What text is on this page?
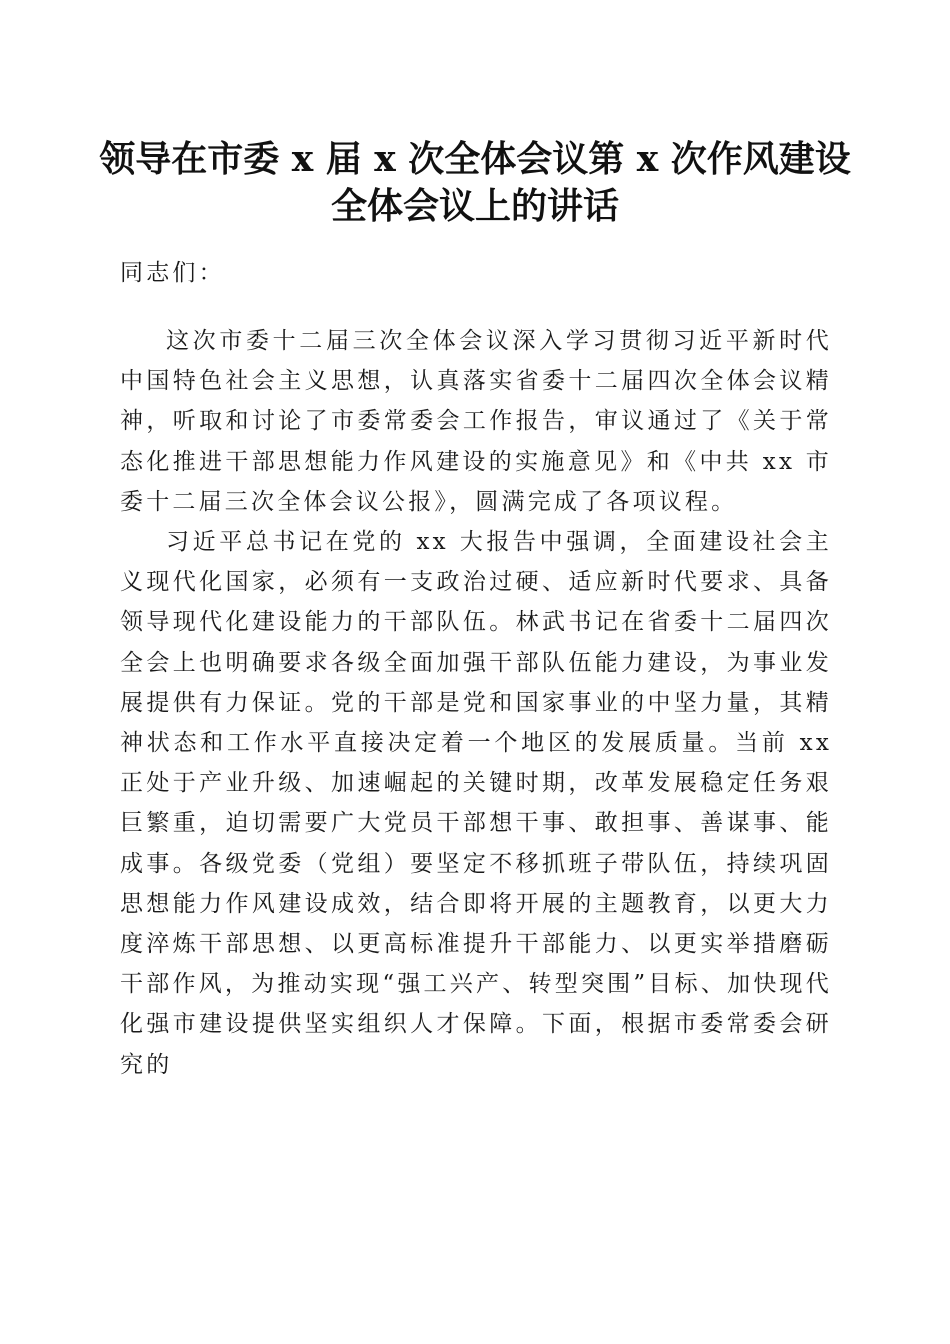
领导在市委 x 届 x 次全体会议第 x 次作风建设
全体会议上的讲话
同志们：

这次市委十二届三次全体会议深入学习贯彻习近平新时代中国特色社会主义思想，认真落实省委十二届四次全体会议精神，听取和讨论了市委常委会工作报告，审议通过了《关于常态化推进干部思想能力作风建设的实施意见》和《中共 xx 市委十二届三次全体会议公报》，圆满完成了各项议程。

习近平总书记在党的 xx 大报告中强调，全面建设社会主义现代化国家，必须有一支政治过硬、适应新时代要求、具备领导现代化建设能力的干部队伍。林武书记在省委十二届四次全会上也明确要求各级全面加强干部队伍能力建设，为事业发展提供有力保证。党的干部是党和国家事业的中坚力量，其精神状态和工作水平直接决定着一个地区的发展质量。当前 xx 正处于产业升级、加速崛起的关键时期，改革发展稳定任务艰巨繁重，迫切需要广大党员干部想干事、敢担事、善谋事、能成事。各级党委（党组）要坚定不移抓班子带队伍，持续巩固思想能力作风建设成效，结合即将开展的主题教育，以更大力度淬炼干部思想、以更高标准提升干部能力、以更实举措磨砺干部作风，为推动实现“强工兴产、转型突围”目标、加快现代化强市建设提供坚实组织人才保障。下面，根据市委常委会研究的
